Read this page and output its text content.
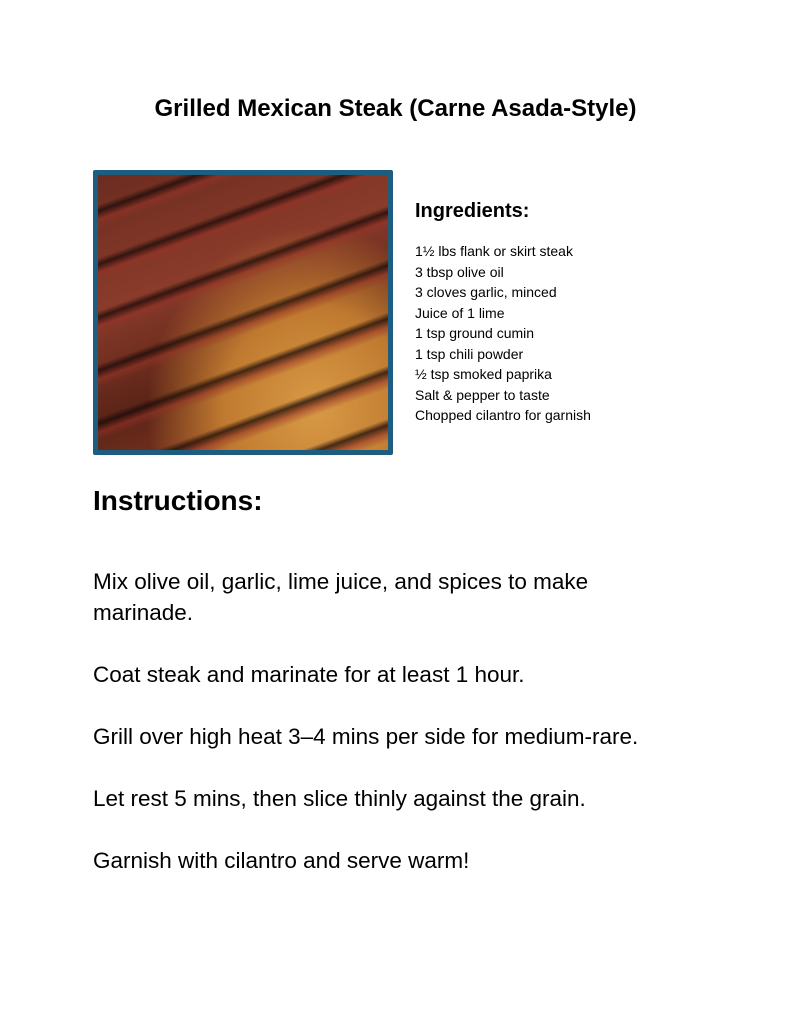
Grilled Mexican Steak (Carne Asada-Style)
Ingredients:
1½ lbs flank or skirt steak
3 tbsp olive oil
3 cloves garlic, minced
Juice of 1 lime
1 tsp ground cumin
1 tsp chili powder
½ tsp smoked paprika
Salt & pepper to taste
Chopped cilantro for garnish
Instructions:

Mix olive oil, garlic, lime juice, and spices to make marinade.

Coat steak and marinate for at least 1 hour.

Grill over high heat 3–4 mins per side for medium-rare.

Let rest 5 mins, then slice thinly against the grain.

Garnish with cilantro and serve warm!
